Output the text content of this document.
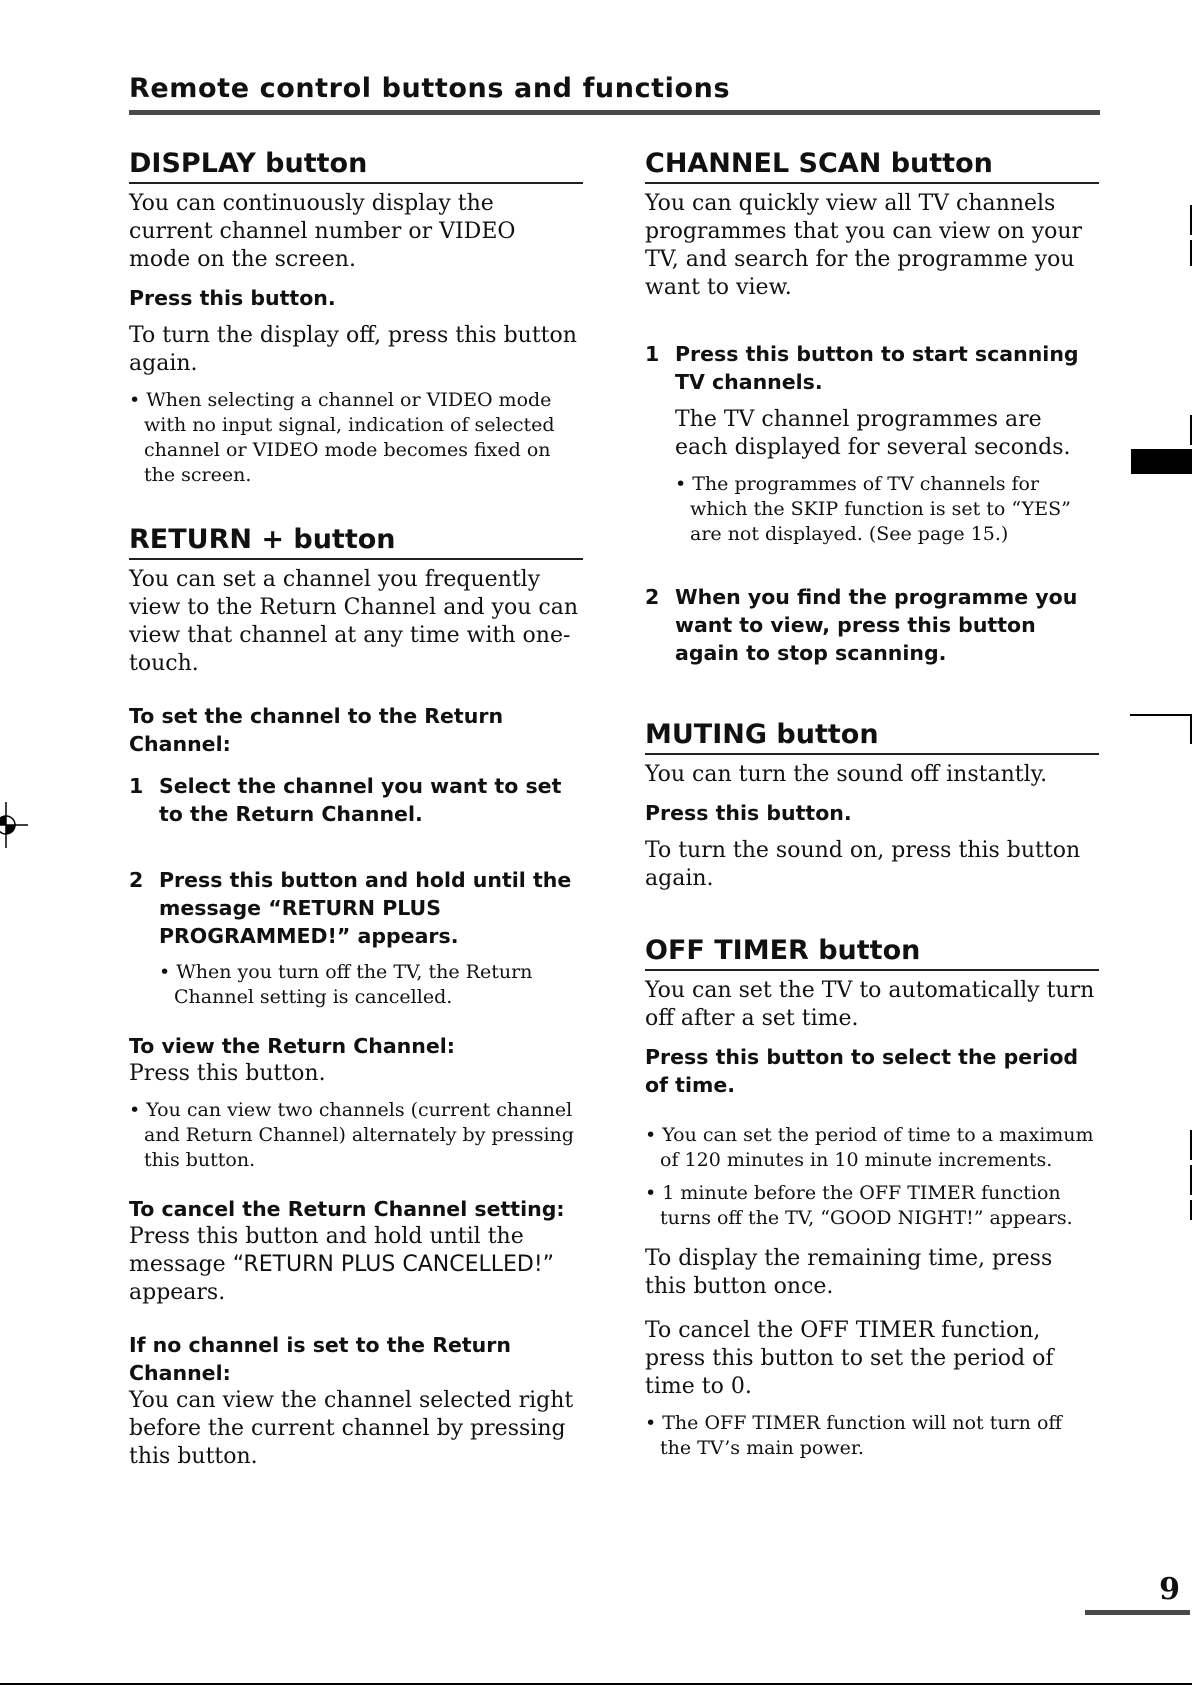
Remote control buttons and functions
DISPLAY button

You can continuously display the current channel number or VIDEO mode on the screen.

Press this button.

To turn the display off, press this button again.

• When selecting a channel or VIDEO mode with no input signal, indication of selected channel or VIDEO mode becomes fixed on the screen.

RETURN + button

You can set a channel you frequently view to the Return Channel and you can view that channel at any time with one-touch.

To set the channel to the Return Channel:

1 Select the channel you want to set to the Return Channel.
2 Press this button and hold until the message “RETURN PLUS PROGRAMMED!” appears.

• When you turn off the TV, the Return Channel setting is cancelled.

To view the Return Channel:

Press this button.

• You can view two channels (current channel and Return Channel) alternately by pressing this button.

To cancel the Return Channel setting:

Press this button and hold until the message “RETURN PLUS CANCELLED!” appears.

If no channel is set to the Return Channel:

You can view the channel selected right before the current channel by pressing this button.

CHANNEL SCAN button

You can quickly view all TV channels programmes that you can view on your TV, and search for the programme you want to view.

1 Press this button to start scanning TV channels.

The TV channel programmes are each displayed for several seconds.

• The programmes of TV channels for which the SKIP function is set to “YES” are not displayed. (See page 15.)

2 When you find the programme you want to view, press this button again to stop scanning.
MUTING button

You can turn the sound off instantly.

Press this button.

To turn the sound on, press this button again.

OFF TIMER button

You can set the TV to automatically turn off after a set time.

Press this button to select the period of time.

• You can set the period of time to a maximum of 120 minutes in 10 minute increments.

• 1 minute before the OFF TIMER function turns off the TV, “GOOD NIGHT!” appears.

To display the remaining time, press this button once.

To cancel the OFF TIMER function, press this button to set the period of time to 0.

• The OFF TIMER function will not turn off the TV’s main power.

9
